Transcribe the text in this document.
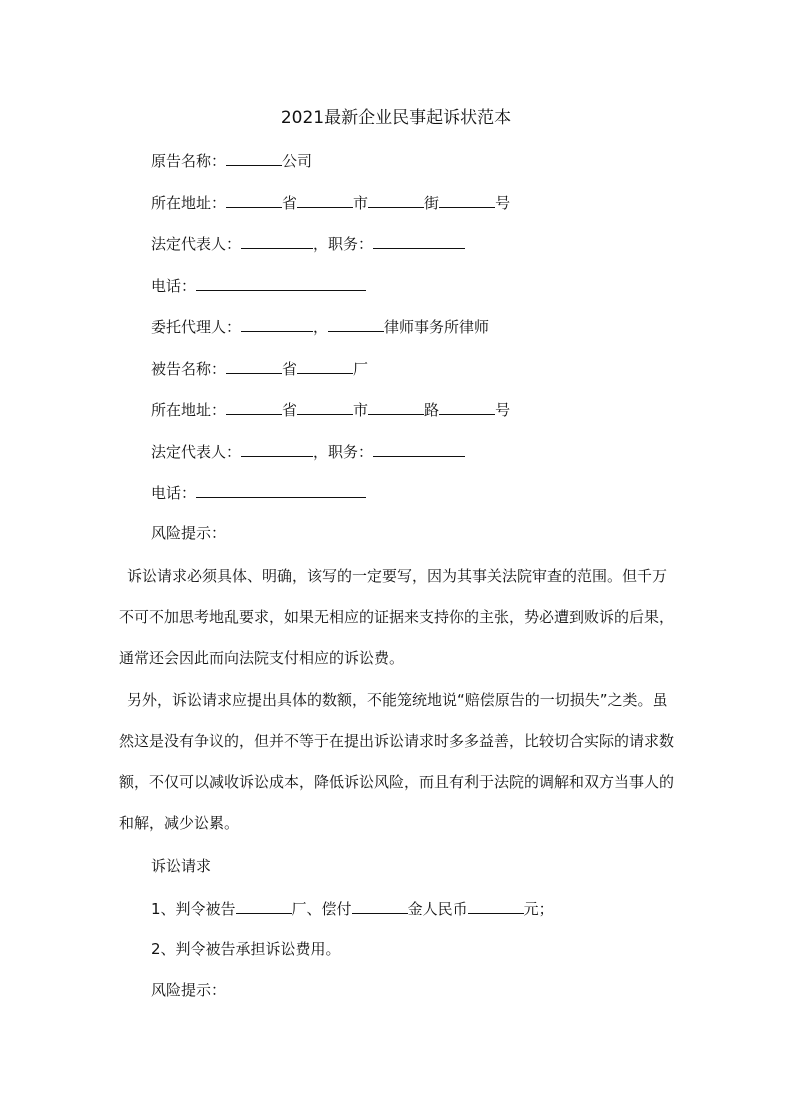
2021最新企业民事起诉状范本
原告名称：	公司
所在地址：	省	市	街	号
法定代表人：	，职务：
电话：
委托代理人：	，	律师事务所律师
被告名称：	省	厂
所在地址：	省	市	路	号
法定代表人：	，职务：
电话：
风险提示：
诉讼请求必须具体、明确，该写的一定要写，因为其事关法院审查的范围。但千万不可不加思考地乱要求，如果无相应的证据来支持你的主张，势必遭到败诉的后果，通常还会因此而向法院支付相应的诉讼费。
另外，诉讼请求应提出具体的数额，不能笼统地说“赔偿原告的一切损失”之类。虽然这是没有争议的，但并不等于在提出诉讼请求时多多益善，比较切合实际的请求数额，不仅可以减收诉讼成本，降低诉讼风险，而且有利于法院的调解和双方当事人的和解，减少讼累。
诉讼请求
1、判令被告	厂、偿付	金人民币	元；
2、判令被告承担诉讼费用。
风险提示：
